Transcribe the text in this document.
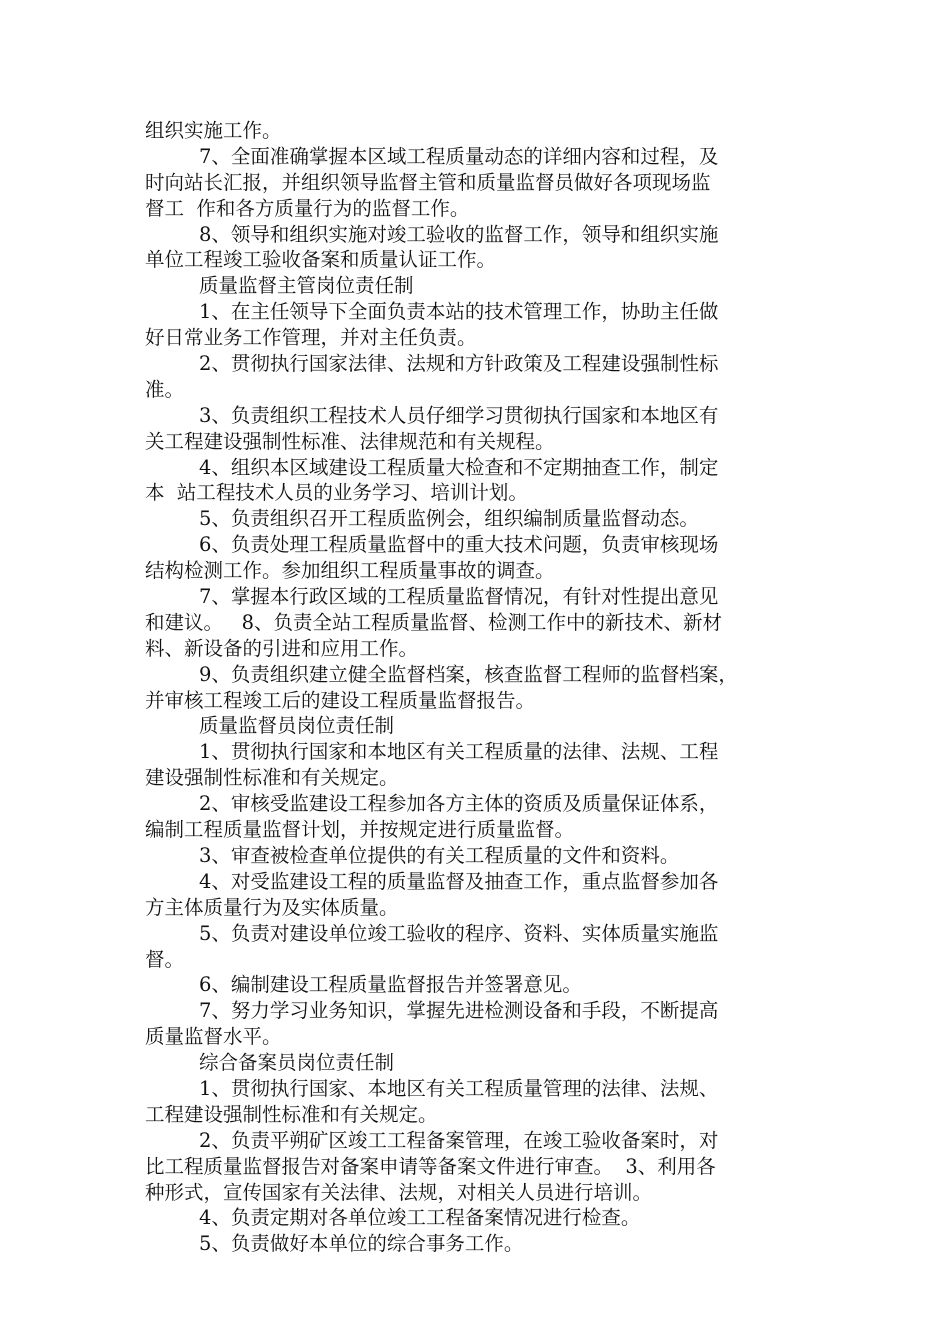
组织实施工作。
7、全面准确掌握本区域工程质量动态的详细内容和过程，及
时向站长汇报，并组织领导监督主管和质量监督员做好各项现场监
督工  作和各方质量行为的监督工作。
8、领导和组织实施对竣工验收的监督工作，领导和组织实施
单位工程竣工验收备案和质量认证工作。
质量监督主管岗位责任制
1、在主任领导下全面负责本站的技术管理工作，协助主任做
好日常业务工作管理，并对主任负责。
2、贯彻执行国家法律、法规和方针政策及工程建设强制性标
准。
3、负责组织工程技术人员仔细学习贯彻执行国家和本地区有
关工程建设强制性标准、法律规范和有关规程。
4、组织本区域建设工程质量大检查和不定期抽查工作，制定
本  站工程技术人员的业务学习、培训计划。
5、负责组织召开工程质监例会，组织编制质量监督动态。
6、负责处理工程质量监督中的重大技术问题，负责审核现场
结构检测工作。参加组织工程质量事故的调查。
7、掌握本行政区域的工程质量监督情况，有针对性提出意见
和建议。   8、负责全站工程质量监督、检测工作中的新技术、新材
料、新设备的引进和应用工作。
9、负责组织建立健全监督档案，核查监督工程师的监督档案，
并审核工程竣工后的建设工程质量监督报告。
质量监督员岗位责任制
1、贯彻执行国家和本地区有关工程质量的法律、法规、工程
建设强制性标准和有关规定。
2、审核受监建设工程参加各方主体的资质及质量保证体系，
编制工程质量监督计划，并按规定进行质量监督。
3、审查被检查单位提供的有关工程质量的文件和资料。
4、对受监建设工程的质量监督及抽查工作，重点监督参加各
方主体质量行为及实体质量。
5、负责对建设单位竣工验收的程序、资料、实体质量实施监
督。
6、编制建设工程质量监督报告并签署意见。
7、努力学习业务知识，掌握先进检测设备和手段，不断提高
质量监督水平。
综合备案员岗位责任制
1、贯彻执行国家、本地区有关工程质量管理的法律、法规、
工程建设强制性标准和有关规定。
2、负责平朔矿区竣工工程备案管理，在竣工验收备案时，对
比工程质量监督报告对备案申请等备案文件进行审查。  3、利用各
种形式，宣传国家有关法律、法规，对相关人员进行培训。
4、负责定期对各单位竣工工程备案情况进行检查。
5、负责做好本单位的综合事务工作。
